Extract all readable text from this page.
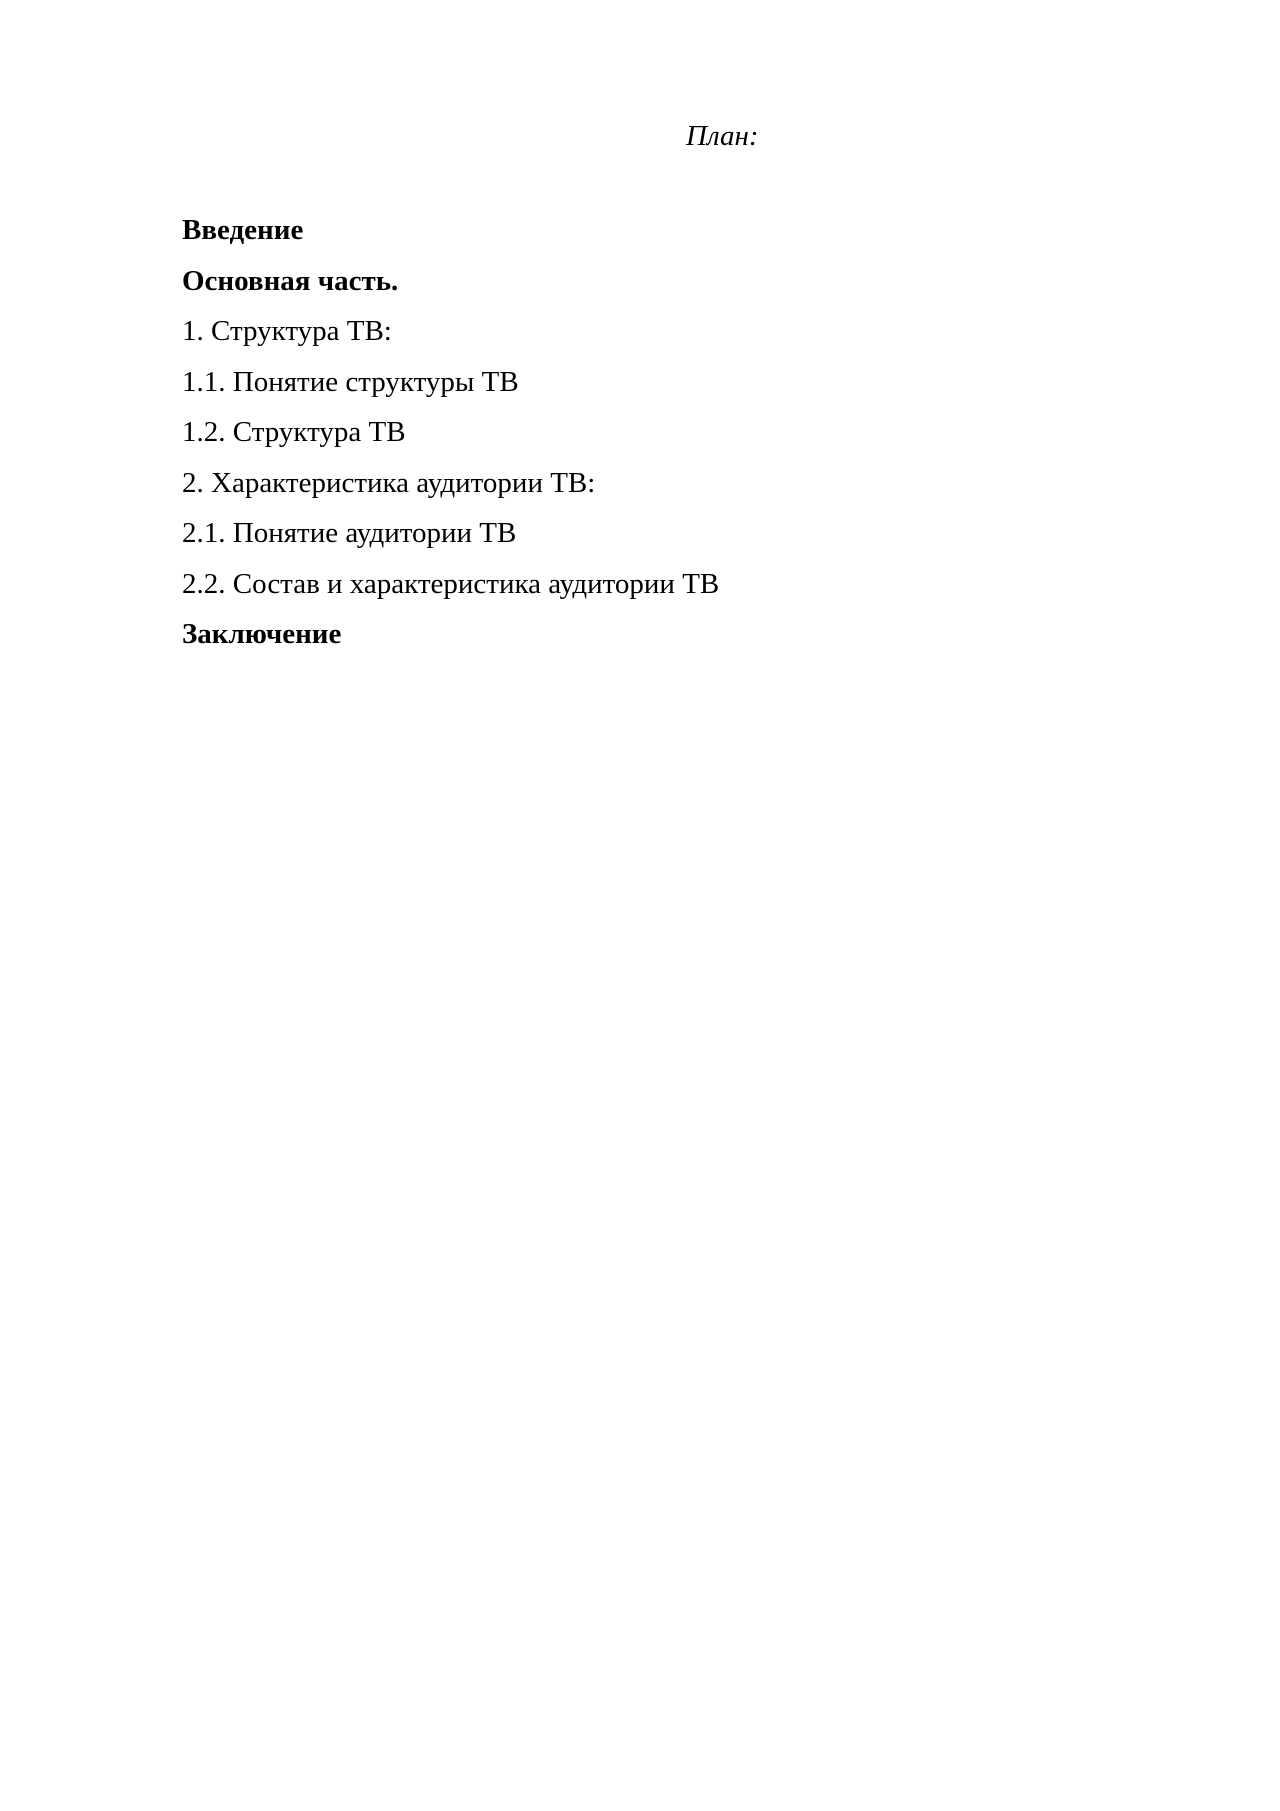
План:
Введение
Основная часть.
1. Структура ТВ:
1.1. Понятие структуры ТВ
1.2. Структура ТВ
2. Характеристика аудитории ТВ:
2.1. Понятие аудитории ТВ
2.2. Состав и характеристика аудитории ТВ
Заключение
